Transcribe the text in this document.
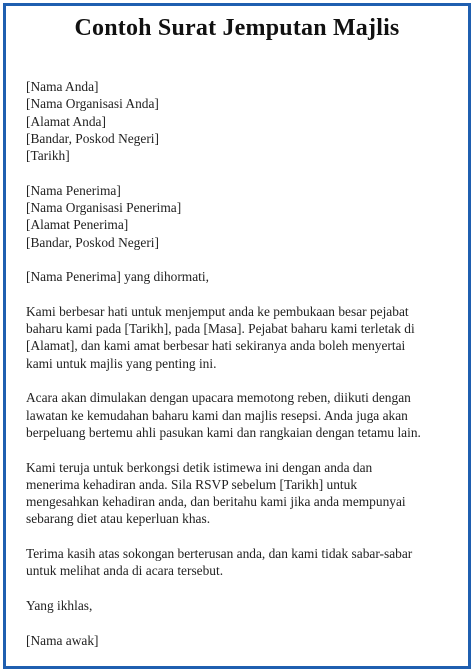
Contoh Surat Jemputan Majlis
[Nama Anda]
[Nama Organisasi Anda]
[Alamat Anda]
[Bandar, Poskod Negeri]
[Tarikh]
[Nama Penerima]
[Nama Organisasi Penerima]
[Alamat Penerima]
[Bandar, Poskod Negeri]
[Nama Penerima] yang dihormati,
Kami berbesar hati untuk menjemput anda ke pembukaan besar pejabat
baharu kami pada [Tarikh], pada [Masa]. Pejabat baharu kami terletak di
[Alamat], dan kami amat berbesar hati sekiranya anda boleh menyertai
kami untuk majlis yang penting ini.
Acara akan dimulakan dengan upacara memotong reben, diikuti dengan
lawatan ke kemudahan baharu kami dan majlis resepsi. Anda juga akan
berpeluang bertemu ahli pasukan kami dan rangkaian dengan tetamu lain.
Kami teruja untuk berkongsi detik istimewa ini dengan anda dan
menerima kehadiran anda. Sila RSVP sebelum [Tarikh] untuk
mengesahkan kehadiran anda, dan beritahu kami jika anda mempunyai
sebarang diet atau keperluan khas.
Terima kasih atas sokongan berterusan anda, dan kami tidak sabar-sabar
untuk melihat anda di acara tersebut.
Yang ikhlas,
[Nama awak]
